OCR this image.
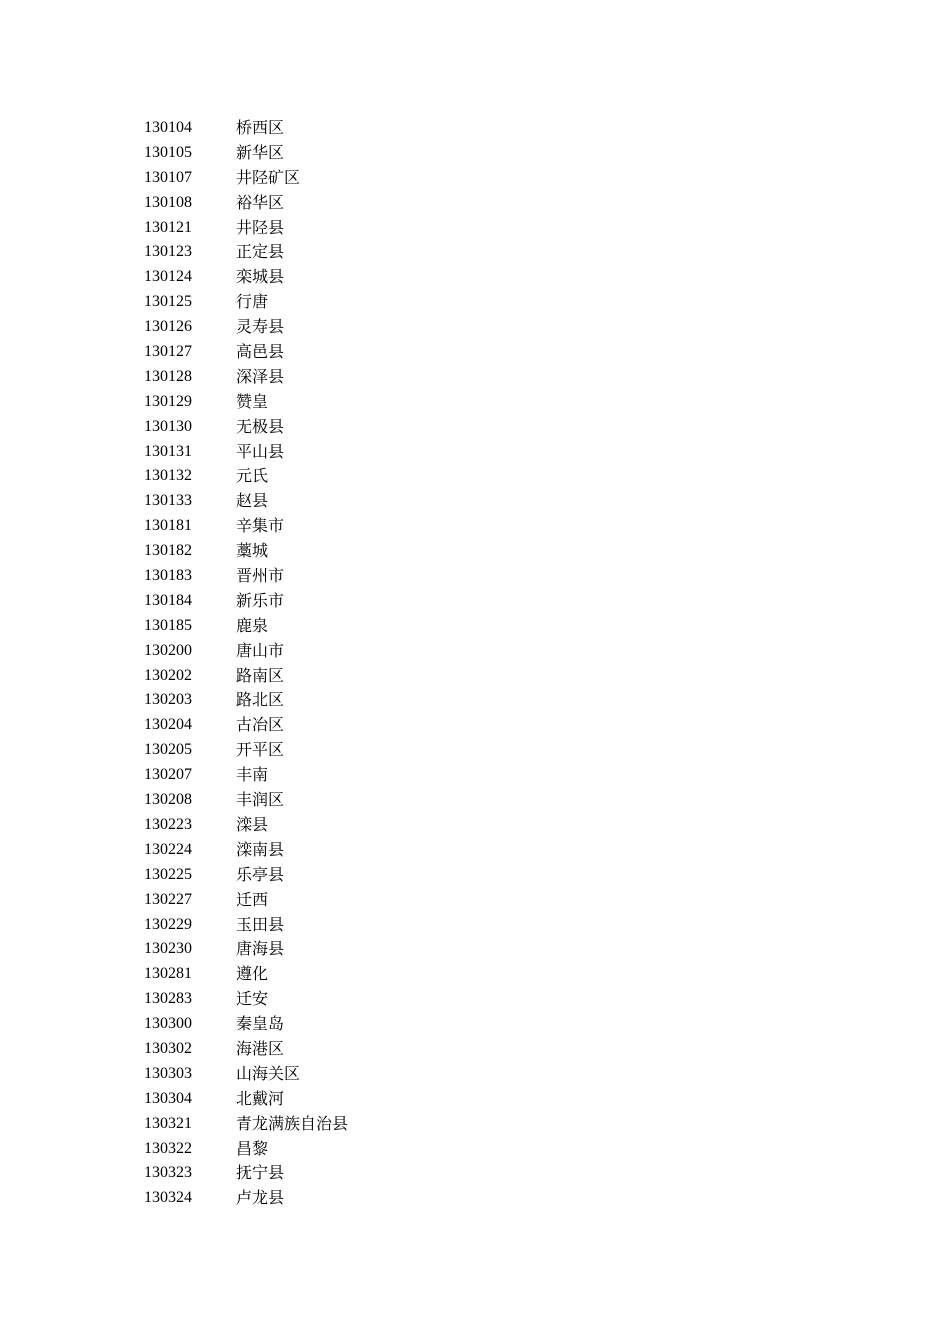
130104	桥西区
130105	新华区
130107	井陉矿区
130108	裕华区
130121	井陉县
130123	正定县
130124	栾城县
130125	行唐
130126	灵寿县
130127	高邑县
130128	深泽县
130129	赞皇
130130	无极县
130131	平山县
130132	元氏
130133	赵县
130181	辛集市
130182	藁城
130183	晋州市
130184	新乐市
130185	鹿泉
130200	唐山市
130202	路南区
130203	路北区
130204	古冶区
130205	开平区
130207	丰南
130208	丰润区
130223	滦县
130224	滦南县
130225	乐亭县
130227	迁西
130229	玉田县
130230	唐海县
130281	遵化
130283	迁安
130300	秦皇岛
130302	海港区
130303	山海关区
130304	北戴河
130321	青龙满族自治县
130322	昌黎
130323	抚宁县
130324	卢龙县
